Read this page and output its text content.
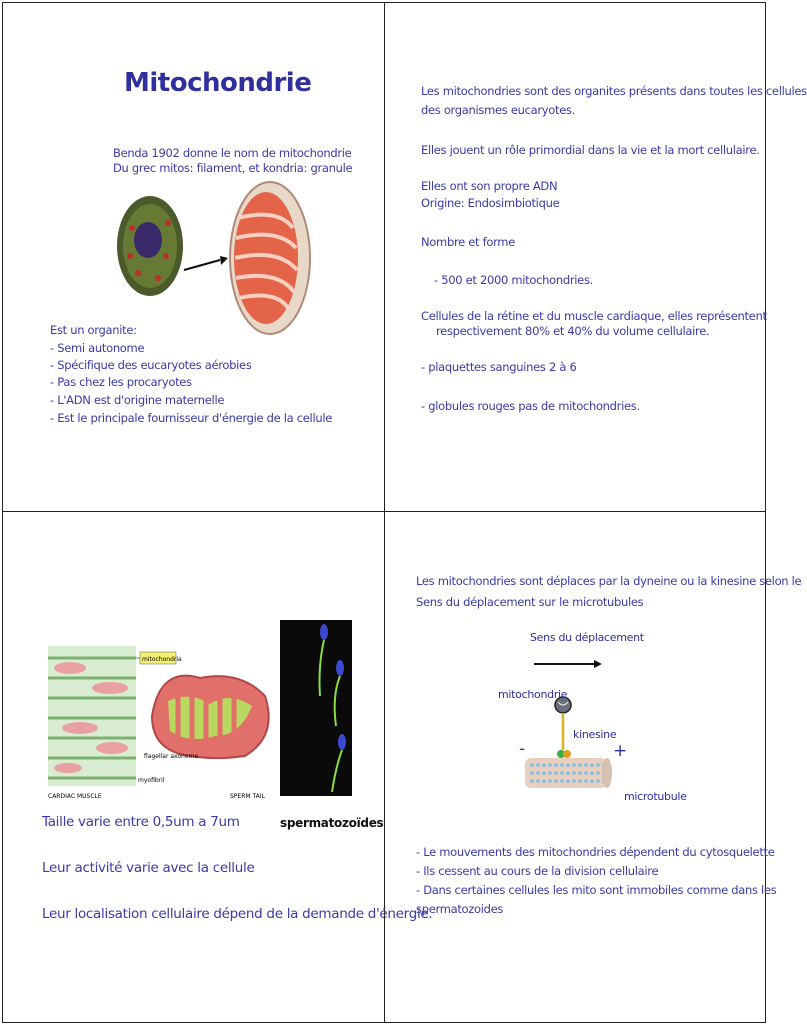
Mitochondrie
Benda 1902 donne le nom de mitochondrie
Du grec mitos: filament, et kondria: granule
Est un organite:
- Semi autonome
- Spécifique des eucaryotes aérobies
- Pas chez les procaryotes
- L'ADN est d'origine maternelle
- Est le principale fournisseur d'énergie de la cellule
Les mitochondries sont des organites présents dans toutes les cellules
des organismes eucaryotes.
Elles jouent un rôle primordial dans la vie et la mort cellulaire.
Elles ont son propre ADN
Origine: Endosimbiotique
Nombre et forme
- 500 et 2000 mitochondries.
Cellules de la rétine et du muscle cardiaque, elles représentent
respectivement 80% et 40% du volume cellulaire.
- plaquettes sanguines 2 à 6
- globules rouges pas de mitochondries.
mitochondria
flagellar axoneme
myofibril
CARDIAC MUSCLE	SPERM TAIL
spermatozoïdes
Taille varie entre 0,5um a 7um
Leur activité varie avec la cellule
Leur localisation cellulaire dépend de la demande d'énergie.
Les mitochondries sont déplaces par la dyneine ou la kinesine selon le
Sens du déplacement sur le microtubules
Sens du déplacement
mitochondrie
kinesine
-	+
microtubule
- Le mouvements des mitochondries dépendent du cytosquelette
- Ils cessent au cours de la division cellulaire
- Dans certaines cellules les mito sont immobiles comme dans les
spermatozoides
